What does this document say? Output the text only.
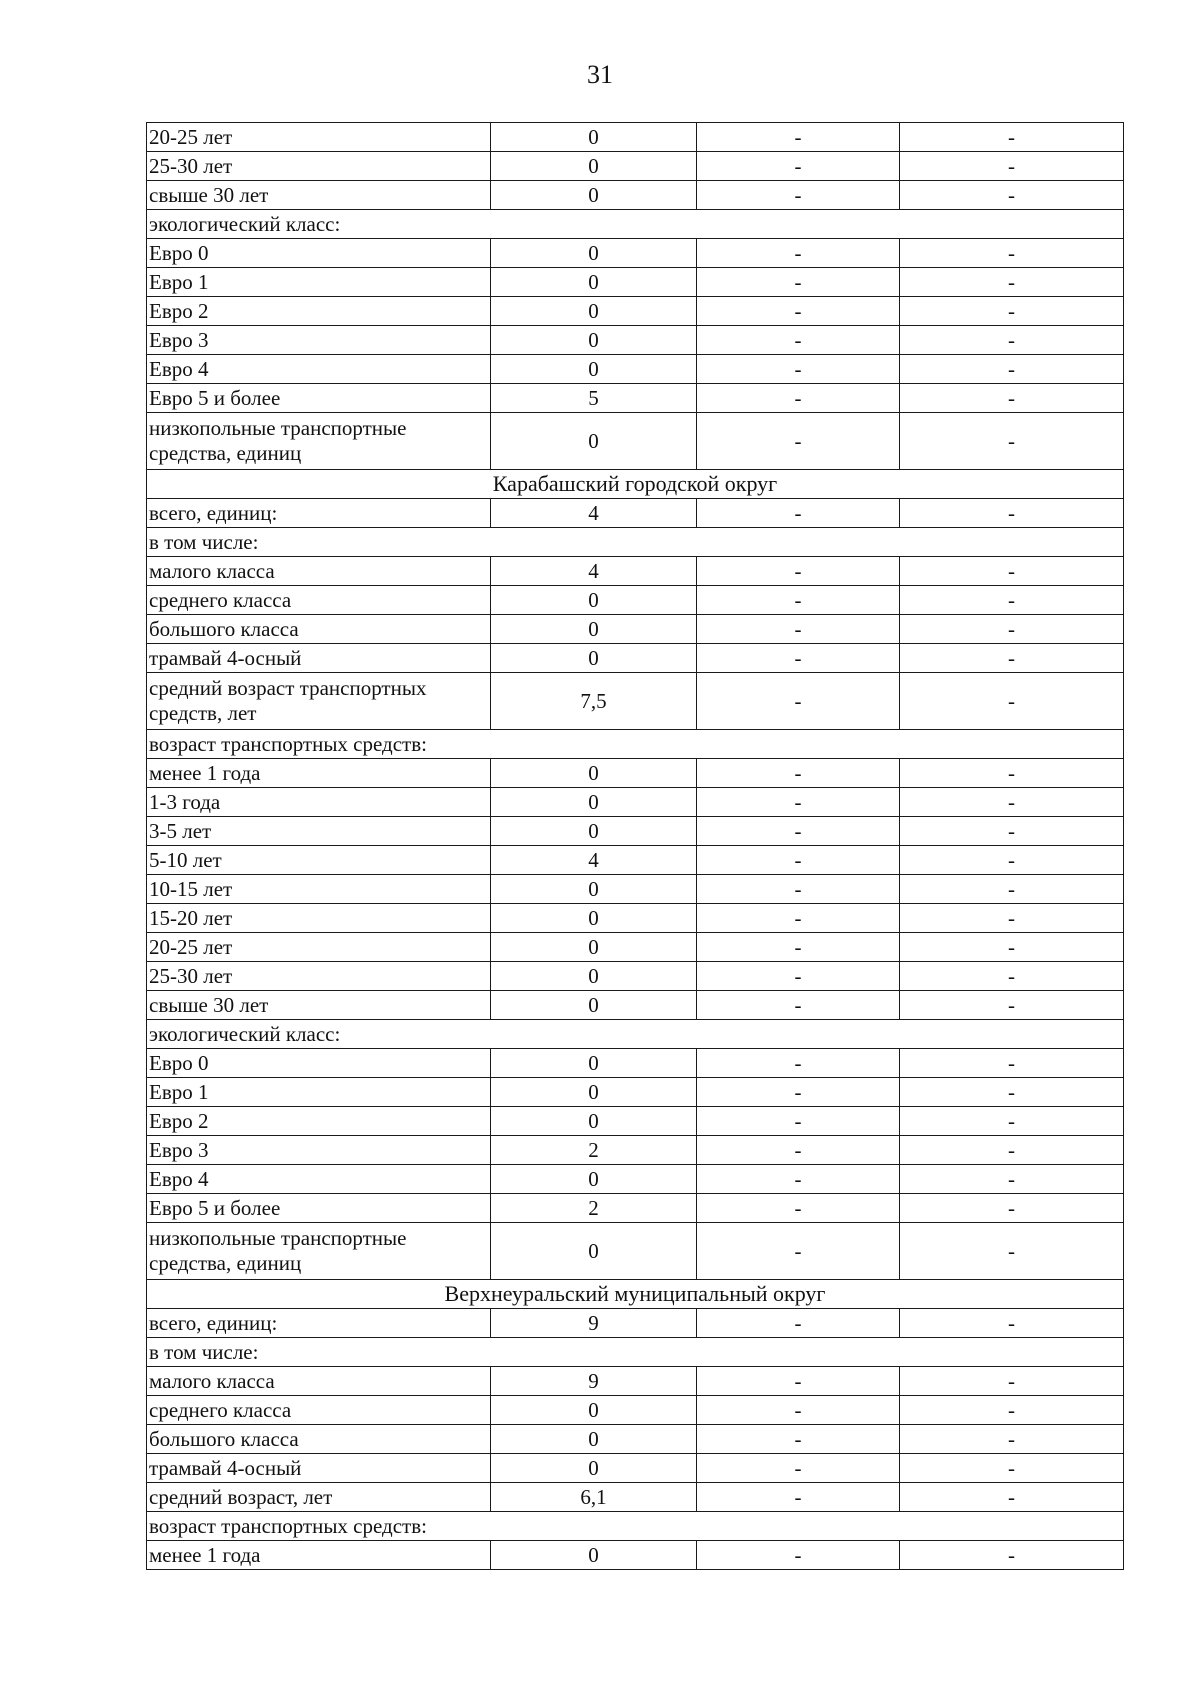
31
20-25 лет	0	-	-
25-30 лет	0	-	-
свыше 30 лет	0	-	-
экологический класс:			
Евро 0	0	-	-
Евро 1	0	-	-
Евро 2	0	-	-
Евро 3	0	-	-
Евро 4	0	-	-
Евро 5 и более	5	-	-
низкопольные транспортные средства, единиц	0	-	-
Карабашский городской округ			
всего, единиц:	4	-	-
в том числе:			
малого класса	4	-	-
среднего класса	0	-	-
большого класса	0	-	-
трамвай 4-осный	0	-	-
средний возраст транспортных средств, лет	7,5	-	-
возраст транспортных средств:			
менее 1 года	0	-	-
1-3 года	0	-	-
3-5 лет	0	-	-
5-10 лет	4	-	-
10-15 лет	0	-	-
15-20 лет	0	-	-
20-25 лет	0	-	-
25-30 лет	0	-	-
свыше 30 лет	0	-	-
экологический класс:			
Евро 0	0	-	-
Евро 1	0	-	-
Евро 2	0	-	-
Евро 3	2	-	-
Евро 4	0	-	-
Евро 5 и более	2	-	-
низкопольные транспортные средства, единиц	0	-	-
Верхнеуральский муниципальный округ			
всего, единиц:	9	-	-
в том числе:			
малого класса	9	-	-
среднего класса	0	-	-
большого класса	0	-	-
трамвай 4-осный	0	-	-
средний возраст, лет	6,1	-	-
возраст транспортных средств:			
менее 1 года	0	-	-
